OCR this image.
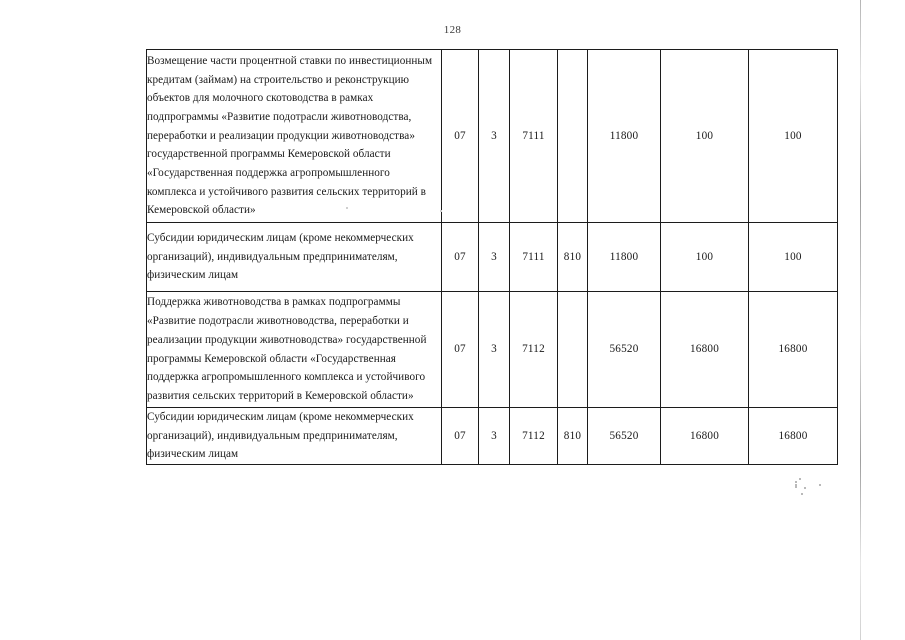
128
Возмещение части процентной ставки по инвестиционным кредитам (займам) на строительство и реконструкцию объектов для молочного скотоводства в рамках подпрограммы «Развитие подотрасли животноводства, переработки и реализации продукции животноводства» государственной программы Кемеровской области «Государственная поддержка агропромышленного комплекса и устойчивого развития сельских территорий в Кемеровской области»	07	3	7111		11800	100	100
Субсидии юридическим лицам (кроме некоммерческих организаций), индивидуальным предпринимателям, физическим лицам	07	3	7111	810	11800	100	100
Поддержка животноводства в рамках подпрограммы «Развитие подотрасли животноводства, переработки и реализации продукции животноводства» государственной программы Кемеровской области «Государственная поддержка агропромышленного комплекса и устойчивого развития сельских территорий в Кемеровской области»	07	3	7112		56520	16800	16800
Субсидии юридическим лицам (кроме некоммерческих организаций), индивидуальным предпринимателям, физическим лицам	07	3	7112	810	56520	16800	16800
